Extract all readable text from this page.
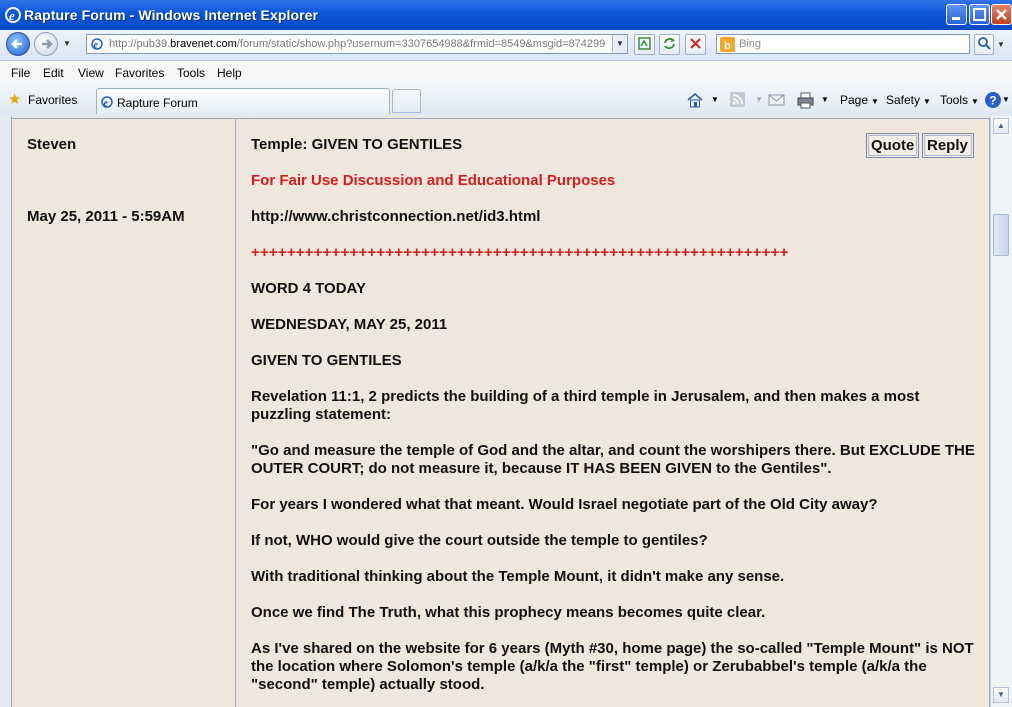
e Rapture Forum - Windows Internet Explorer
▼ e http://pub39.bravenet.com/forum/static/show.php?usernum=3307654988&frmid=8549&msgid=874299	▼	b Bing	▼
File Edit View Favorites Tools Help
★ Favorites	e Rapture Forum	▼	▼	▼ Page ▼ Safety ▼ Tools ▼ ? ▼
Steven
May 25, 2011 - 5:59AM
Temple: GIVEN TO GENTILES	Quote Reply
For Fair Use Discussion and Educational Purposes
http://www.christconnection.net/id3.html
++++++++++++++++++++++++++++++++++++++++++++++++++++++++++++
WORD 4 TODAY
WEDNESDAY, MAY 25, 2011
GIVEN TO GENTILES
Revelation 11:1, 2 predicts the building of a third temple in Jerusalem, and then makes a most puzzling statement:
"Go and measure the temple of God and the altar, and count the worshipers there. But EXCLUDE THE OUTER COURT; do not measure it, because IT HAS BEEN GIVEN to the Gentiles".
For years I wondered what that meant. Would Israel negotiate part of the Old City away?
If not, WHO would give the court outside the temple to gentiles?
With traditional thinking about the Temple Mount, it didn't make any sense.
Once we find The Truth, what this prophecy means becomes quite clear.
As I've shared on the website for 6 years (Myth #30, home page) the so-called "Temple Mount" is NOT the location where Solomon's temple (a/k/a the "first" temple) or Zerubabbel's temple (a/k/a the "second" temple) actually stood.
▲
▼
